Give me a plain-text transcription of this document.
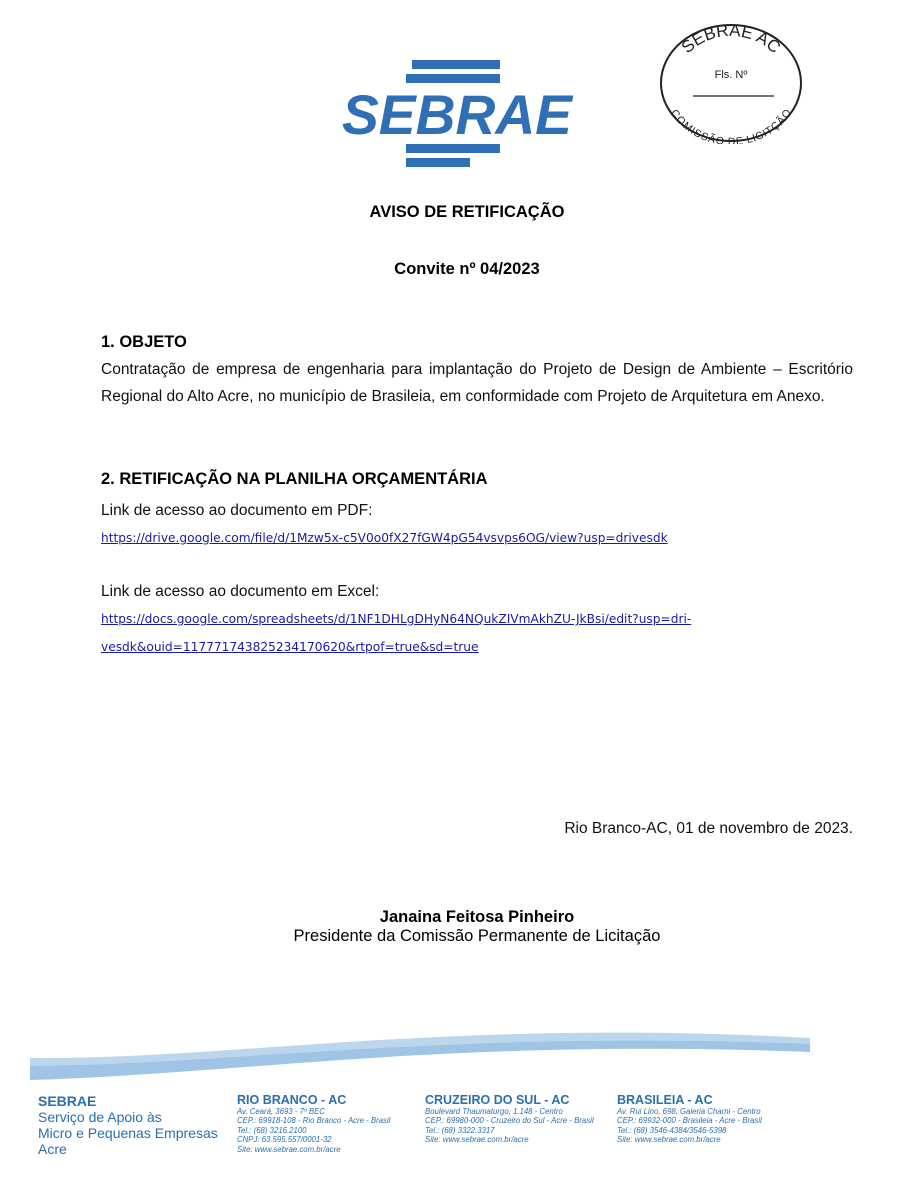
SEBRAE
SEBRAE AC
Fls. Nº
COMISSÃO DE LICITÇÃO
AVISO DE RETIFICAÇÃO
Convite nº 04/2023
1. OBJETO
Contratação de empresa de engenharia para implantação do Projeto de Design de Ambiente – Escritório Regional do Alto Acre, no município de Brasileia, em conformidade com Projeto de Arquitetura em Anexo.
2. RETIFICAÇÃO NA PLANILHA ORÇAMENTÁRIA
Link de acesso ao documento em PDF:
https://drive.google.com/file/d/1Mzw5x-c5V0o0fX27fGW4pG54vsvps6OG/view?usp=drivesdk
Link de acesso ao documento em Excel:
https://docs.google.com/spreadsheets/d/1NF1DHLgDHyN64NQukZIVmAkhZU-JkBsi/edit?usp=dri-
vesdk&ouid=117771743825234170620&rtpof=true&sd=true
Rio Branco-AC, 01 de novembro de 2023.
Janaina Feitosa Pinheiro
Presidente da Comissão Permanente de Licitação
SEBRAE
Serviço de Apoio às
Micro e Pequenas Empresas
Acre
RIO BRANCO - AC
Av. Ceará, 3693 - 7º BEC
CEP.: 69918-108 - Rio Branco - Acre - Brasil
Tel.: (68) 3216.2100
CNPJ: 63.595.557/0001-32
Site: www.sebrae.com.br/acre
CRUZEIRO DO SUL - AC
Boulevard Thaumaturgo, 1.148 - Centro
CEP.: 69980-000 - Cruzeiro do Sul - Acre - Brasil
Tel.: (68) 3322.3317
Site: www.sebrae.com.br/acre
BRASILEIA - AC
Av. Rui Lino, 698, Galeria Charni - Centro
CEP.: 69932-000 - Brasileia - Acre - Brasil
Tel.: (68) 3546-4384/3546-5398
Site: www.sebrae.com.br/acre
